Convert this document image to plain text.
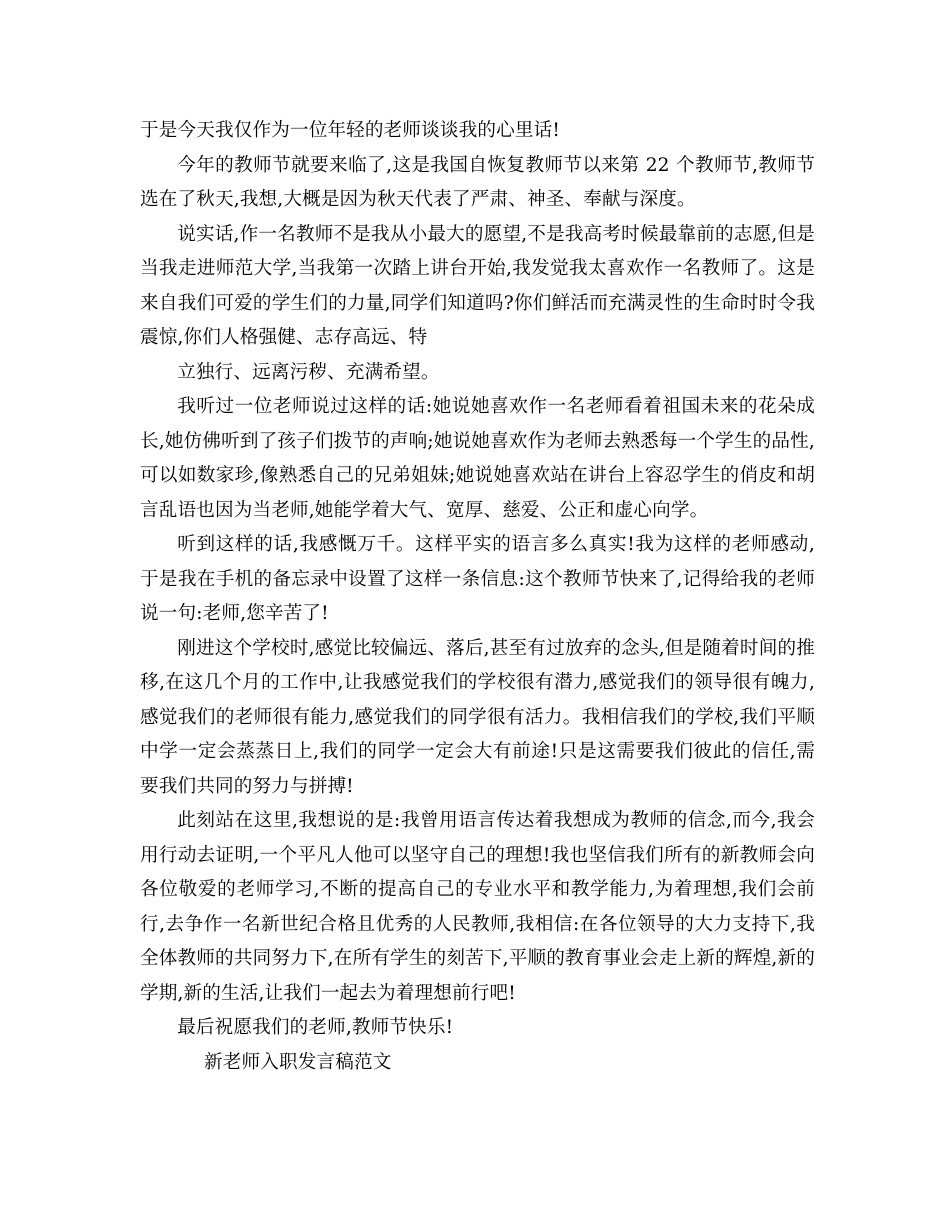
于是今天我仅作为一位年轻的老师谈谈我的心里话!

今年的教师节就要来临了,这是我国自恢复教师节以来第 22 个教师节,教师节选在了秋天,我想,大概是因为秋天代表了严肃、神圣、奉献与深度。

说实话,作一名教师不是我从小最大的愿望,不是我高考时候最靠前的志愿,但是当我走进师范大学,当我第一次踏上讲台开始,我发觉我太喜欢作一名教师了。这是来自我们可爱的学生们的力量,同学们知道吗?你们鲜活而充满灵性的生命时时令我震惊,你们人格强健、志存高远、特

立独行、远离污秽、充满希望。

我听过一位老师说过这样的话:她说她喜欢作一名老师看着祖国未来的花朵成长,她仿佛听到了孩子们拨节的声响;她说她喜欢作为老师去熟悉每一个学生的品性,可以如数家珍,像熟悉自己的兄弟姐妹;她说她喜欢站在讲台上容忍学生的俏皮和胡言乱语也因为当老师,她能学着大气、宽厚、慈爱、公正和虚心向学。

听到这样的话,我感慨万千。这样平实的语言多么真实!我为这样的老师感动,于是我在手机的备忘录中设置了这样一条信息:这个教师节快来了,记得给我的老师说一句:老师,您辛苦了!

刚进这个学校时,感觉比较偏远、落后,甚至有过放弃的念头,但是随着时间的推移,在这几个月的工作中,让我感觉我们的学校很有潜力,感觉我们的领导很有魄力,感觉我们的老师很有能力,感觉我们的同学很有活力。我相信我们的学校,我们平顺中学一定会蒸蒸日上,我们的同学一定会大有前途!只是这需要我们彼此的信任,需要我们共同的努力与拼搏!

此刻站在这里,我想说的是:我曾用语言传达着我想成为教师的信念,而今,我会用行动去证明,一个平凡人他可以坚守自己的理想!我也坚信我们所有的新教师会向各位敬爱的老师学习,不断的提高自己的专业水平和教学能力,为着理想,我们会前行,去争作一名新世纪合格且优秀的人民教师,我相信:在各位领导的大力支持下,我全体教师的共同努力下,在所有学生的刻苦下,平顺的教育事业会走上新的辉煌,新的学期,新的生活,让我们一起去为着理想前行吧!

最后祝愿我们的老师,教师节快乐!

新老师入职发言稿范文
